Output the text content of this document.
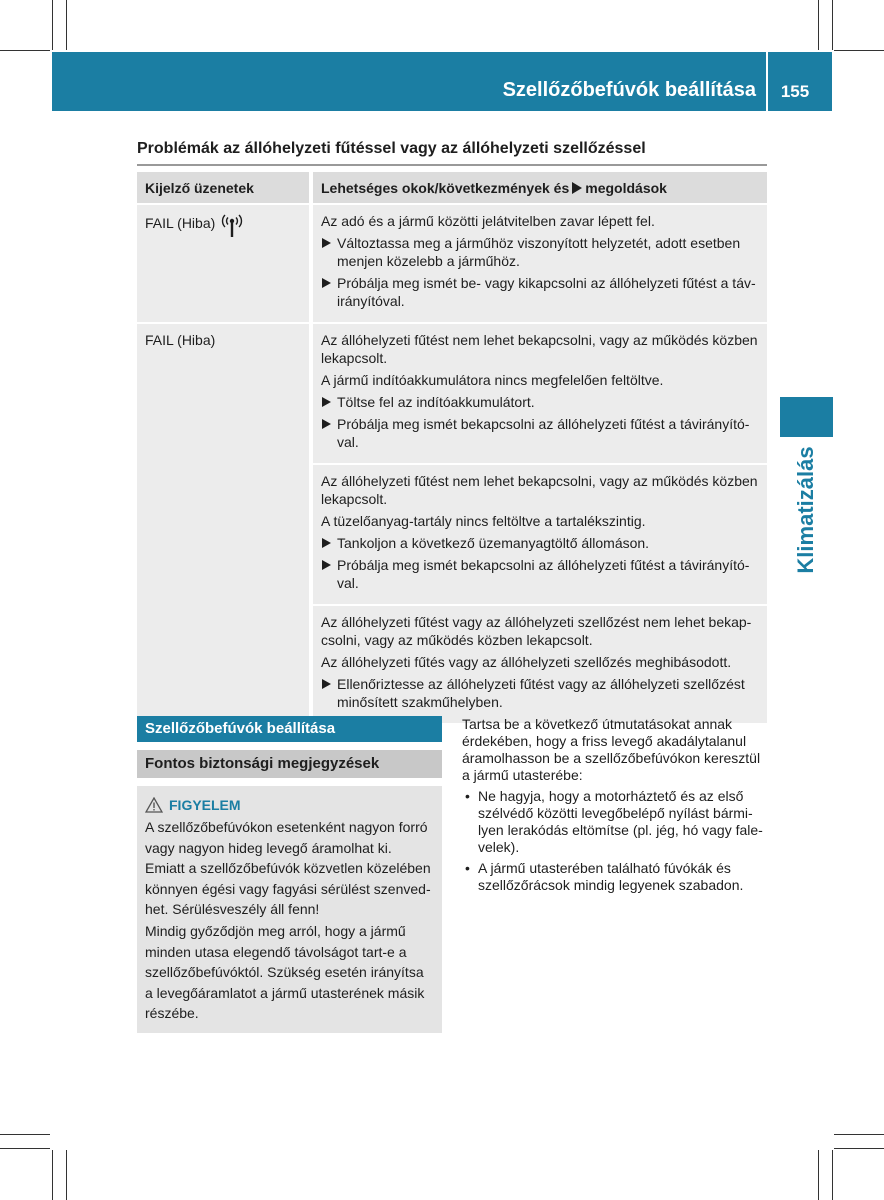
Szellőzőbefúvók beállítása	155
Klimatizálás
Problémák az állóhelyzeti fűtéssel vagy az állóhelyzeti szellőzéssel
Kijelző üzenetek	Lehetséges okok/következmények és megoldások
FAIL (Hiba)	Az adó és a jármű közötti jelátvitelben zavar lépett fel.

Változtassa meg a járműhöz viszonyított helyzetét, adott esetben menjen közelebb a járműhöz.

Próbálja meg ismét be- vagy kikapcsolni az állóhelyzeti fűtést a táv-irányítóval.

FAIL (Hiba)	Az állóhelyzeti fűtést nem lehet bekapcsolni, vagy az működés közben lekapcsolt.

A jármű indítóakkumulátora nincs megfelelően feltöltve.

Töltse fel az indítóakkumulátort.

Próbálja meg ismét bekapcsolni az állóhelyzeti fűtést a távirányító-val.

	Az állóhelyzeti fűtést nem lehet bekapcsolni, vagy az működés közben lekapcsolt.

A tüzelőanyag-tartály nincs feltöltve a tartalékszintig.

Tankoljon a következő üzemanyagtöltő állomáson.

Próbálja meg ismét bekapcsolni az állóhelyzeti fűtést a távirányító-val.

	Az állóhelyzeti fűtést vagy az állóhelyzeti szellőzést nem lehet bekap-csolni, vagy az működés közben lekapcsolt.

Az állóhelyzeti fűtés vagy az állóhelyzeti szellőzés meghibásodott.

Ellenőriztesse az állóhelyzeti fűtést vagy az állóhelyzeti szellőzést minősített szakműhelyben.

Szellőzőbefúvók beállítása
Fontos biztonsági megjegyzések
FIGYELEM

A szellőzőbefúvókon esetenként nagyon forró vagy nagyon hideg levegő áramolhat ki. Emiatt a szellőzőbefúvók közvetlen közelében könnyen égési vagy fagyási sérülést szenved-het. Sérülésveszély áll fenn!

Mindig győződjön meg arról, hogy a jármű minden utasa elegendő távolságot tart-e a szellőzőbefúvóktól. Szükség esetén irányítsa a levegőáramlatot a jármű utasterének másik részébe.

Tartsa be a következő útmutatásokat annak érdekében, hogy a friss levegő akadálytalanul áramolhasson be a szellőzőbefúvókon keresztül a jármű utasterébe:

• Ne hagyja, hogy a motorháztető és az első szélvédő közötti levegőbelépő nyílást bármi-lyen lerakódás eltömítse (pl. jég, hó vagy fale-velek).

• A jármű utasterében található fúvókák és szellőzőrácsok mindig legyenek szabadon.
